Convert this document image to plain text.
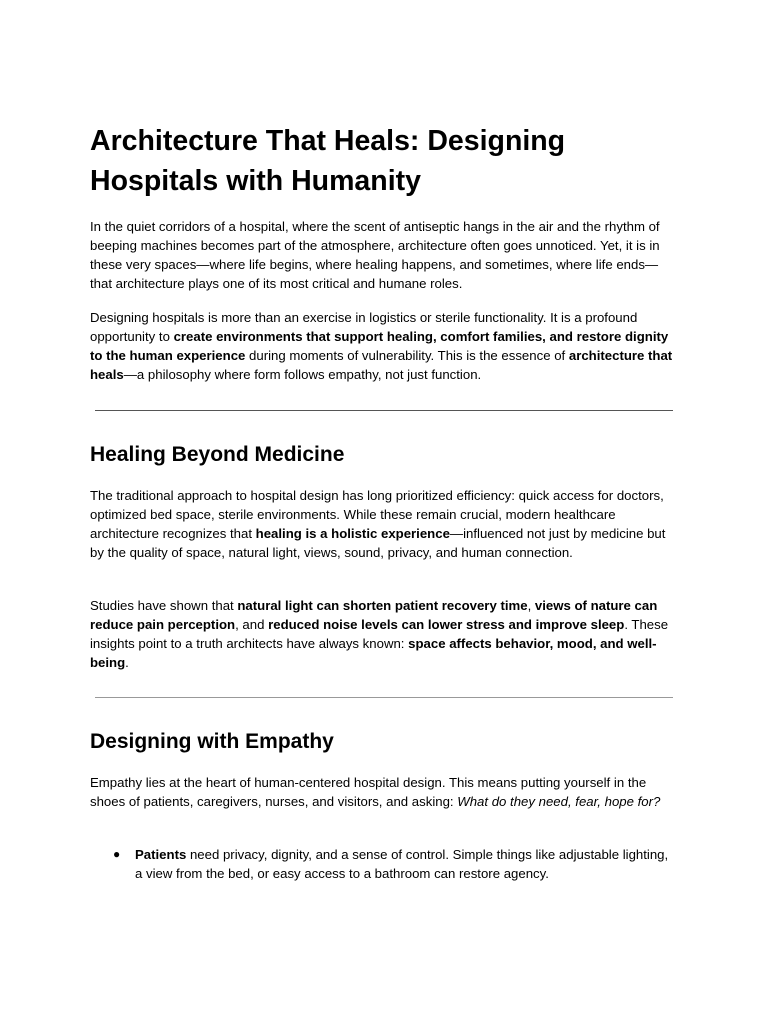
Architecture That Heals: Designing Hospitals with Humanity

In the quiet corridors of a hospital, where the scent of antiseptic hangs in the air and the rhythm of beeping machines becomes part of the atmosphere, architecture often goes unnoticed. Yet, it is in these very spaces—where life begins, where healing happens, and sometimes, where life ends—that architecture plays one of its most critical and humane roles.

Designing hospitals is more than an exercise in logistics or sterile functionality. It is a profound opportunity to create environments that support healing, comfort families, and restore dignity to the human experience during moments of vulnerability. This is the essence of architecture that heals—a philosophy where form follows empathy, not just function.

Healing Beyond Medicine

The traditional approach to hospital design has long prioritized efficiency: quick access for doctors, optimized bed space, sterile environments. While these remain crucial, modern healthcare architecture recognizes that healing is a holistic experience—influenced not just by medicine but by the quality of space, natural light, views, sound, privacy, and human connection.

Studies have shown that natural light can shorten patient recovery time, views of nature can reduce pain perception, and reduced noise levels can lower stress and improve sleep. These insights point to a truth architects have always known: space affects behavior, mood, and well-being.

Designing with Empathy

Empathy lies at the heart of human-centered hospital design. This means putting yourself in the shoes of patients, caregivers, nurses, and visitors, and asking: What do they need, fear, hope for?

● Patients need privacy, dignity, and a sense of control. Simple things like adjustable lighting, a view from the bed, or easy access to a bathroom can restore agency.
